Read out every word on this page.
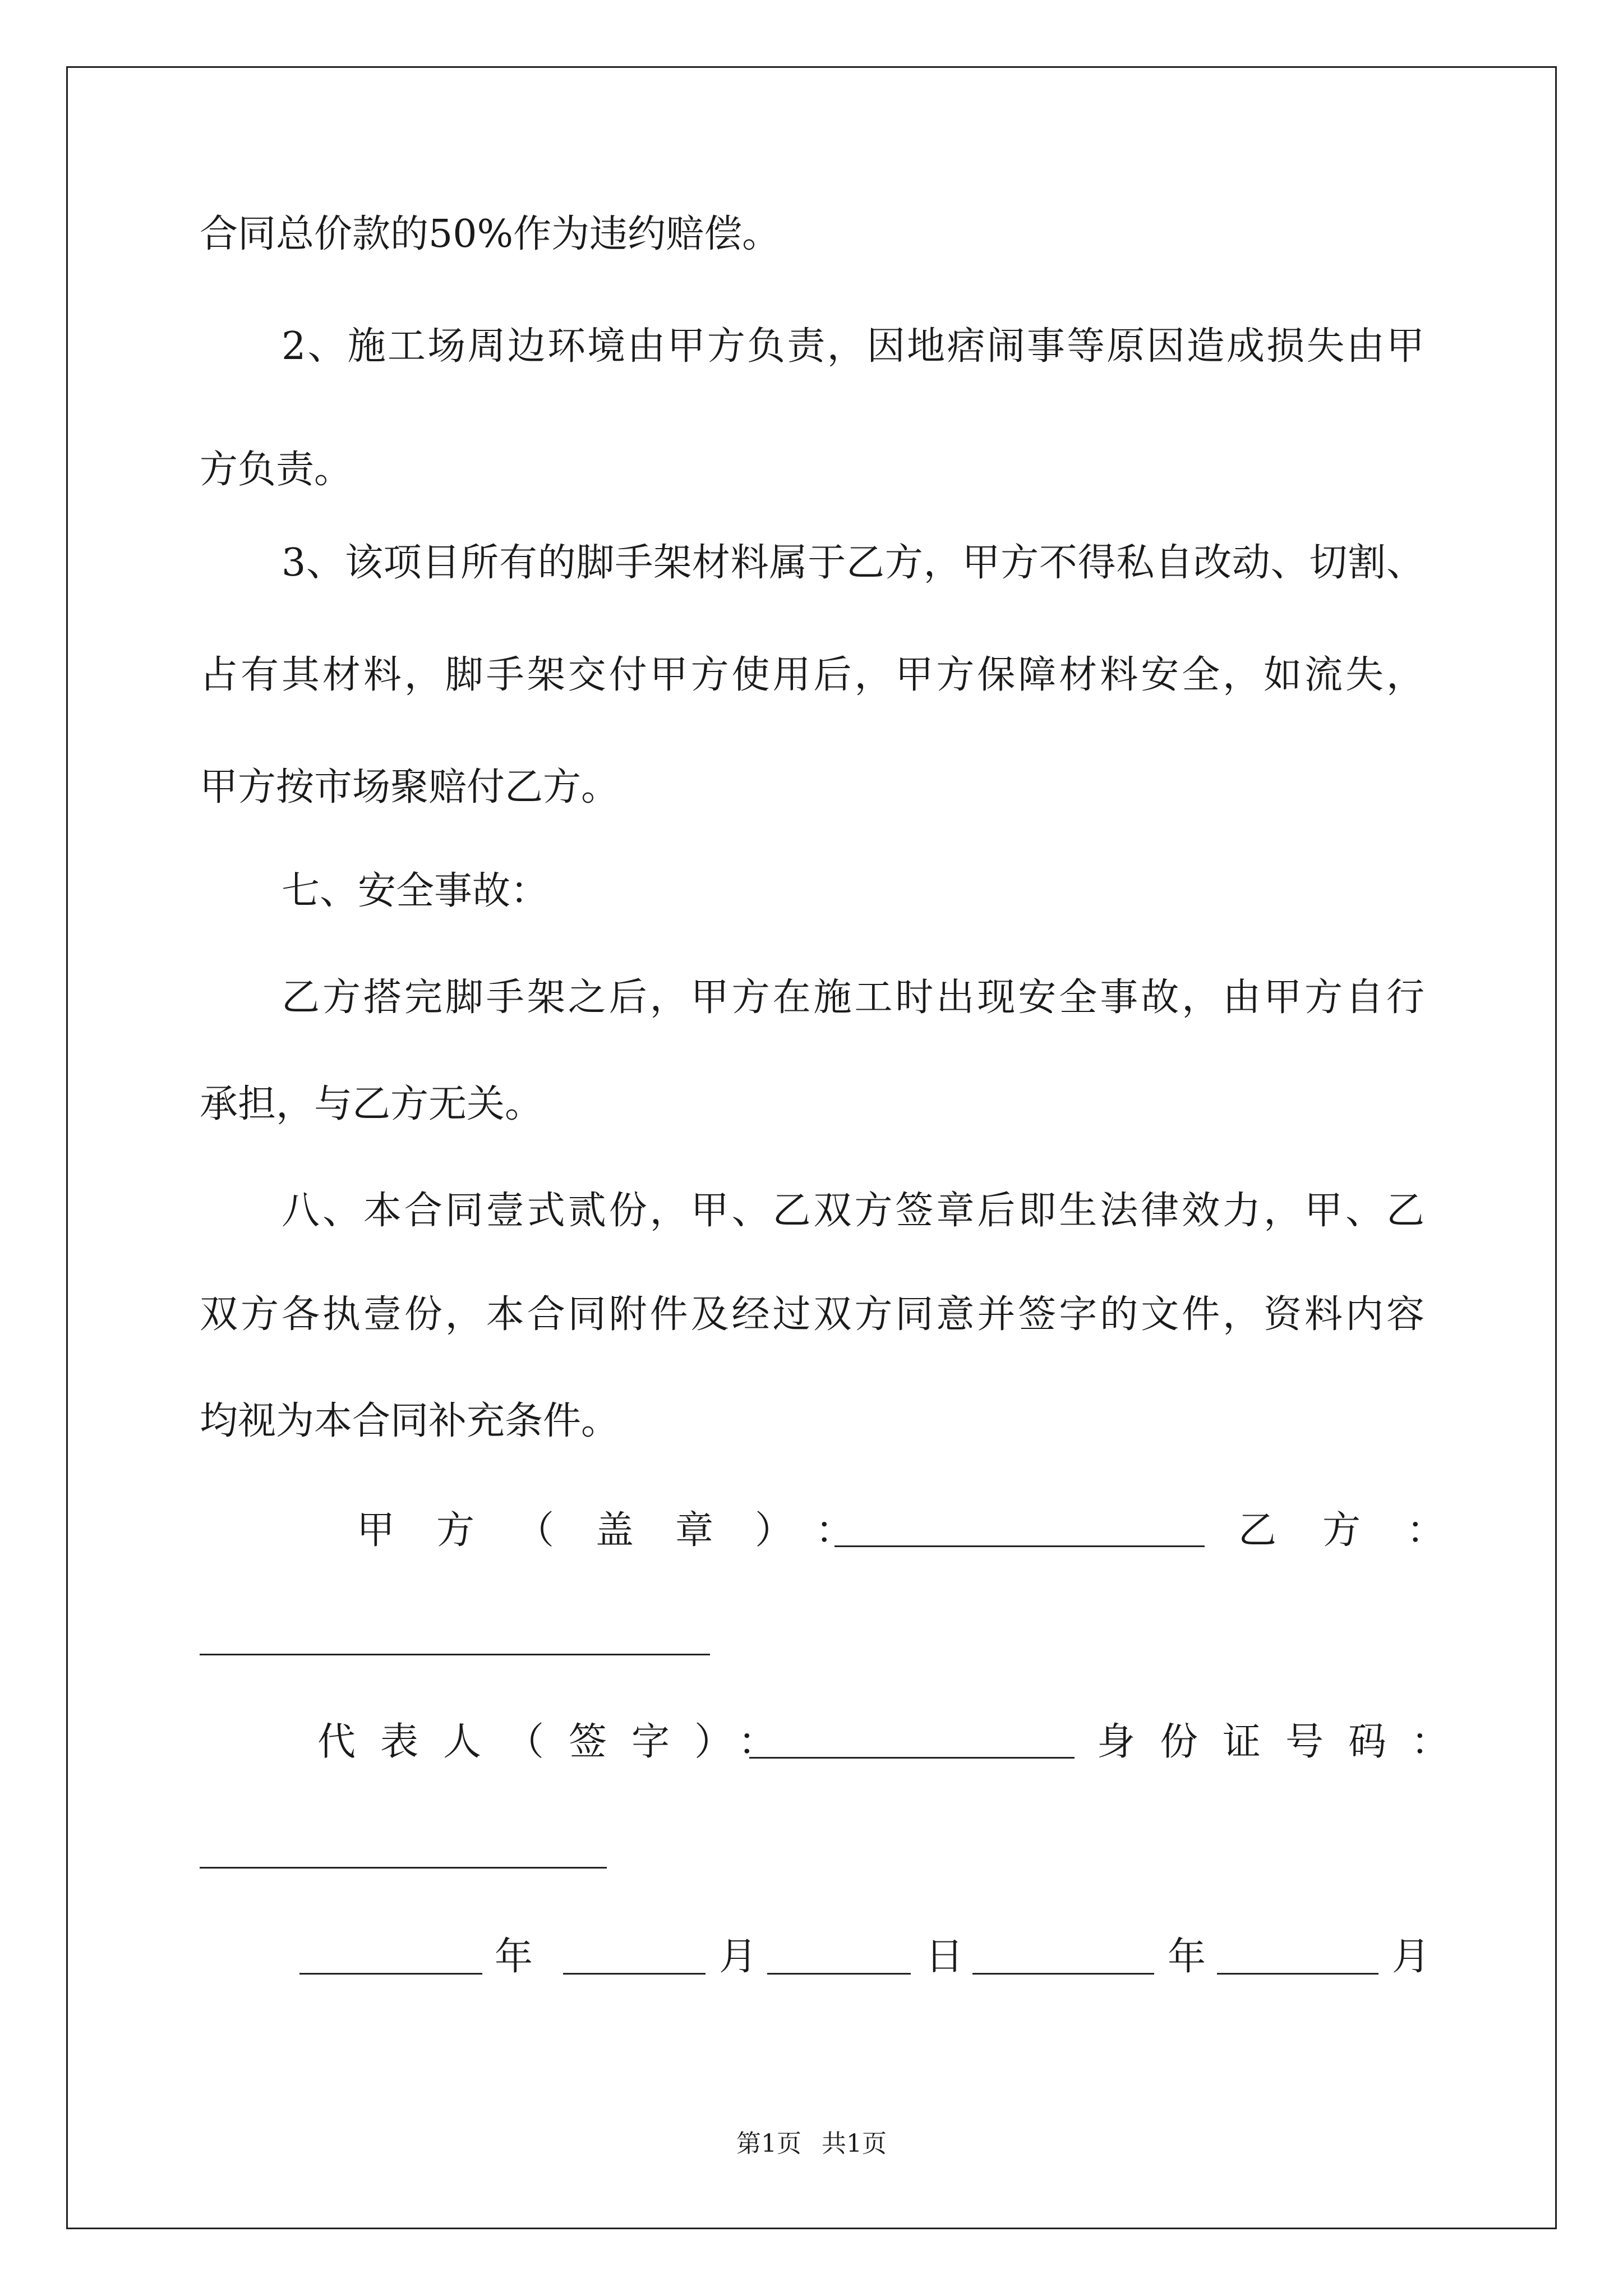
合同总价款的50%作为违约赔偿。
2、施工场周边环境由甲方负责，因地痞闹事等原因造成损失由甲
方负责。
3、该项目所有的脚手架材料属于乙方，甲方不得私自改动、切割、
占有其材料，脚手架交付甲方使用后，甲方保障材料安全，如流失，
甲方按市场聚赔付乙方。
七、安全事故：
乙方搭完脚手架之后，甲方在施工时出现安全事故，由甲方自行
承担，与乙方无关。
八、本合同壹式贰份，甲、乙双方签章后即生法律效力，甲、乙
双方各执壹份，本合同附件及经过双方同意并签字的文件，资料内容
均视为本合同补充条件。
甲方（盖章）：	乙方：
代表人（签字）：	身份证号码：
年	月	日	年	月
第1页 共1页
